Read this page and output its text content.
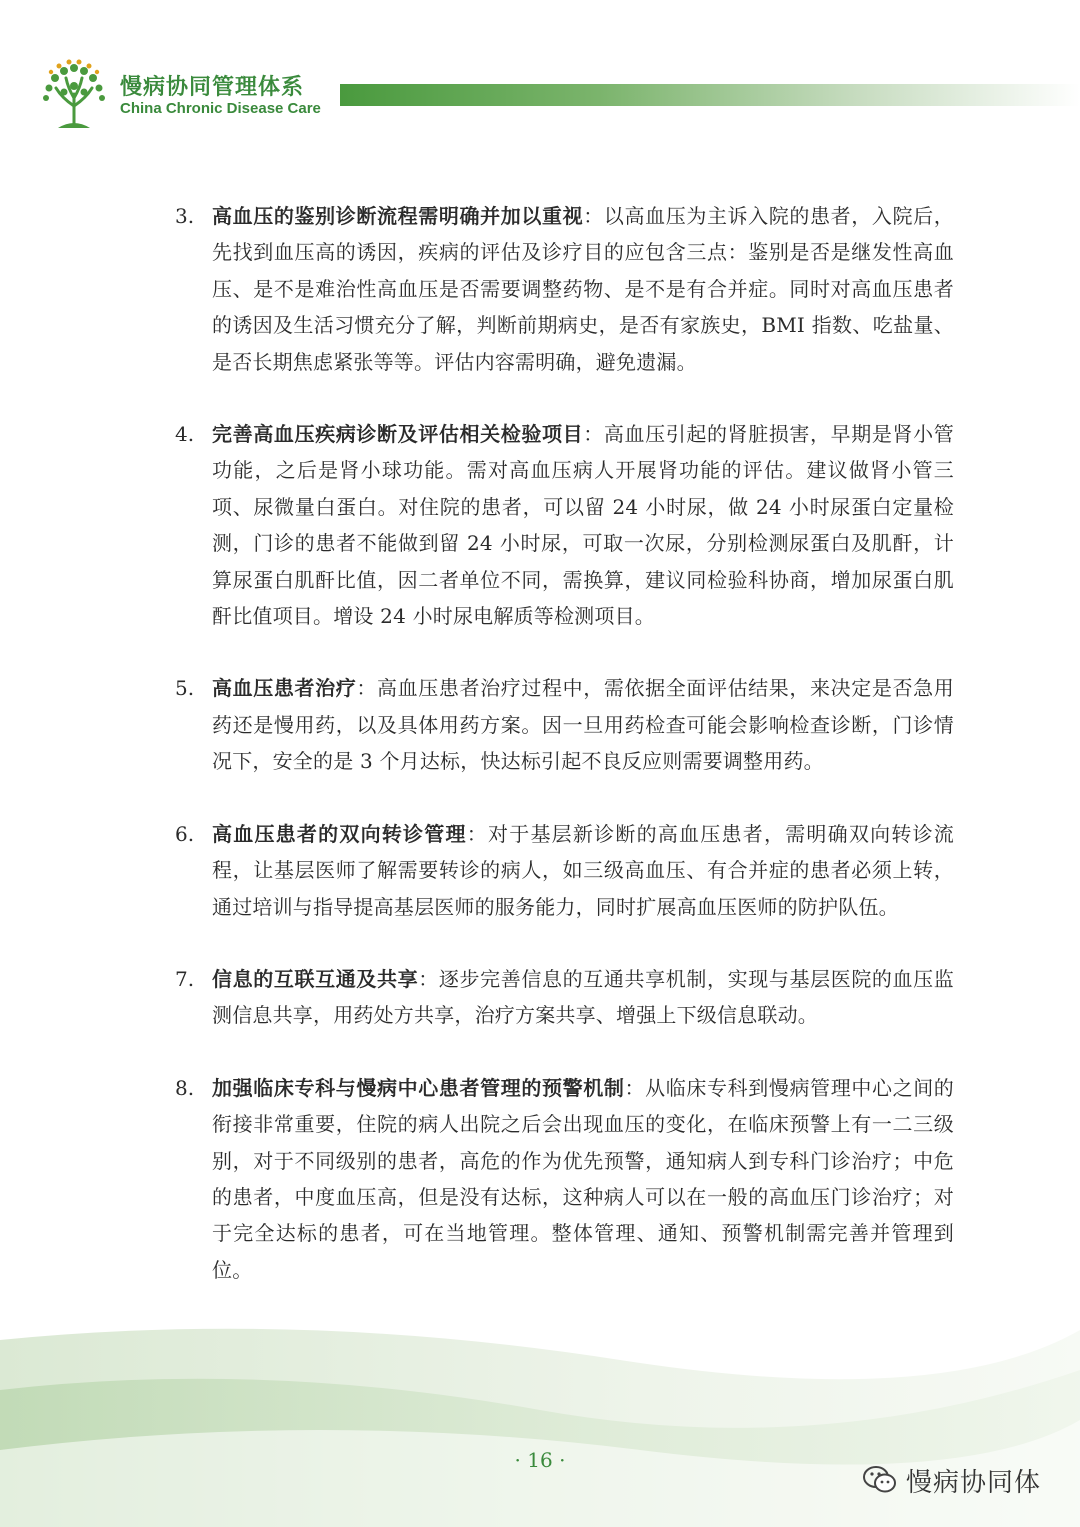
慢病协同管理体系

China Chronic Disease Care

3. 高血压的鉴别诊断流程需明确并加以重视：以高血压为主诉入院的患者，入院后，先找到血压高的诱因，疾病的评估及诊疗目的应包含三点：鉴别是否是继发性高血压、是不是难治性高血压是否需要调整药物、是不是有合并症。同时对高血压患者的诱因及生活习惯充分了解，判断前期病史，是否有家族史，BMI 指数、吃盐量、是否长期焦虑紧张等等。评估内容需明确，避免遗漏。

4. 完善高血压疾病诊断及评估相关检验项目：高血压引起的肾脏损害，早期是肾小管功能，之后是肾小球功能。需对高血压病人开展肾功能的评估。建议做肾小管三项、尿微量白蛋白。对住院的患者，可以留 24 小时尿，做 24 小时尿蛋白定量检测，门诊的患者不能做到留 24 小时尿，可取一次尿，分别检测尿蛋白及肌酐，计算尿蛋白肌酐比值，因二者单位不同，需换算，建议同检验科协商，增加尿蛋白肌酐比值项目。增设 24 小时尿电解质等检测项目。

5. 高血压患者治疗：高血压患者治疗过程中，需依据全面评估结果，来决定是否急用药还是慢用药，以及具体用药方案。因一旦用药检查可能会影响检查诊断，门诊情况下，安全的是 3 个月达标，快达标引起不良反应则需要调整用药。

6. 高血压患者的双向转诊管理：对于基层新诊断的高血压患者，需明确双向转诊流程，让基层医师了解需要转诊的病人，如三级高血压、有合并症的患者必须上转，通过培训与指导提高基层医师的服务能力，同时扩展高血压医师的防护队伍。

7. 信息的互联互通及共享：逐步完善信息的互通共享机制，实现与基层医院的血压监测信息共享，用药处方共享，治疗方案共享、增强上下级信息联动。

8. 加强临床专科与慢病中心患者管理的预警机制：从临床专科到慢病管理中心之间的衔接非常重要，住院的病人出院之后会出现血压的变化，在临床预警上有一二三级别，对于不同级别的患者，高危的作为优先预警，通知病人到专科门诊治疗；中危的患者，中度血压高，但是没有达标，这种病人可以在一般的高血压门诊治疗；对于完全达标的患者，可在当地管理。整体管理、通知、预警机制需完善并管理到位。

· 16 ·

慢病协同体
